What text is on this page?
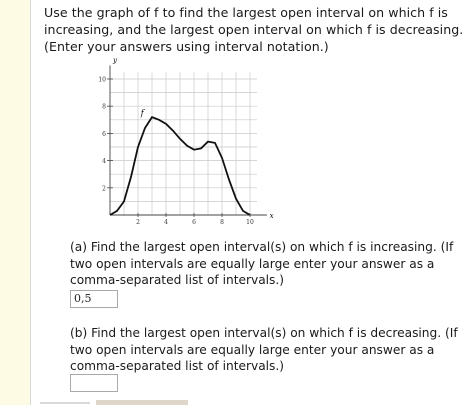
Use the graph of f to find the largest open interval on which f is increasing, and the largest open interval on which f is decreasing. (Enter your answers using interval notation.)

y
x
f
2
4
6
8
10
2	4	6	8	10

(a) Find the largest open interval(s) on which f is increasing. (If two open intervals are equally large enter your answer as a comma-separated list of intervals.)

0,5

(b) Find the largest open interval(s) on which f is decreasing. (If two open intervals are equally large enter your answer as a comma-separated list of intervals.)
